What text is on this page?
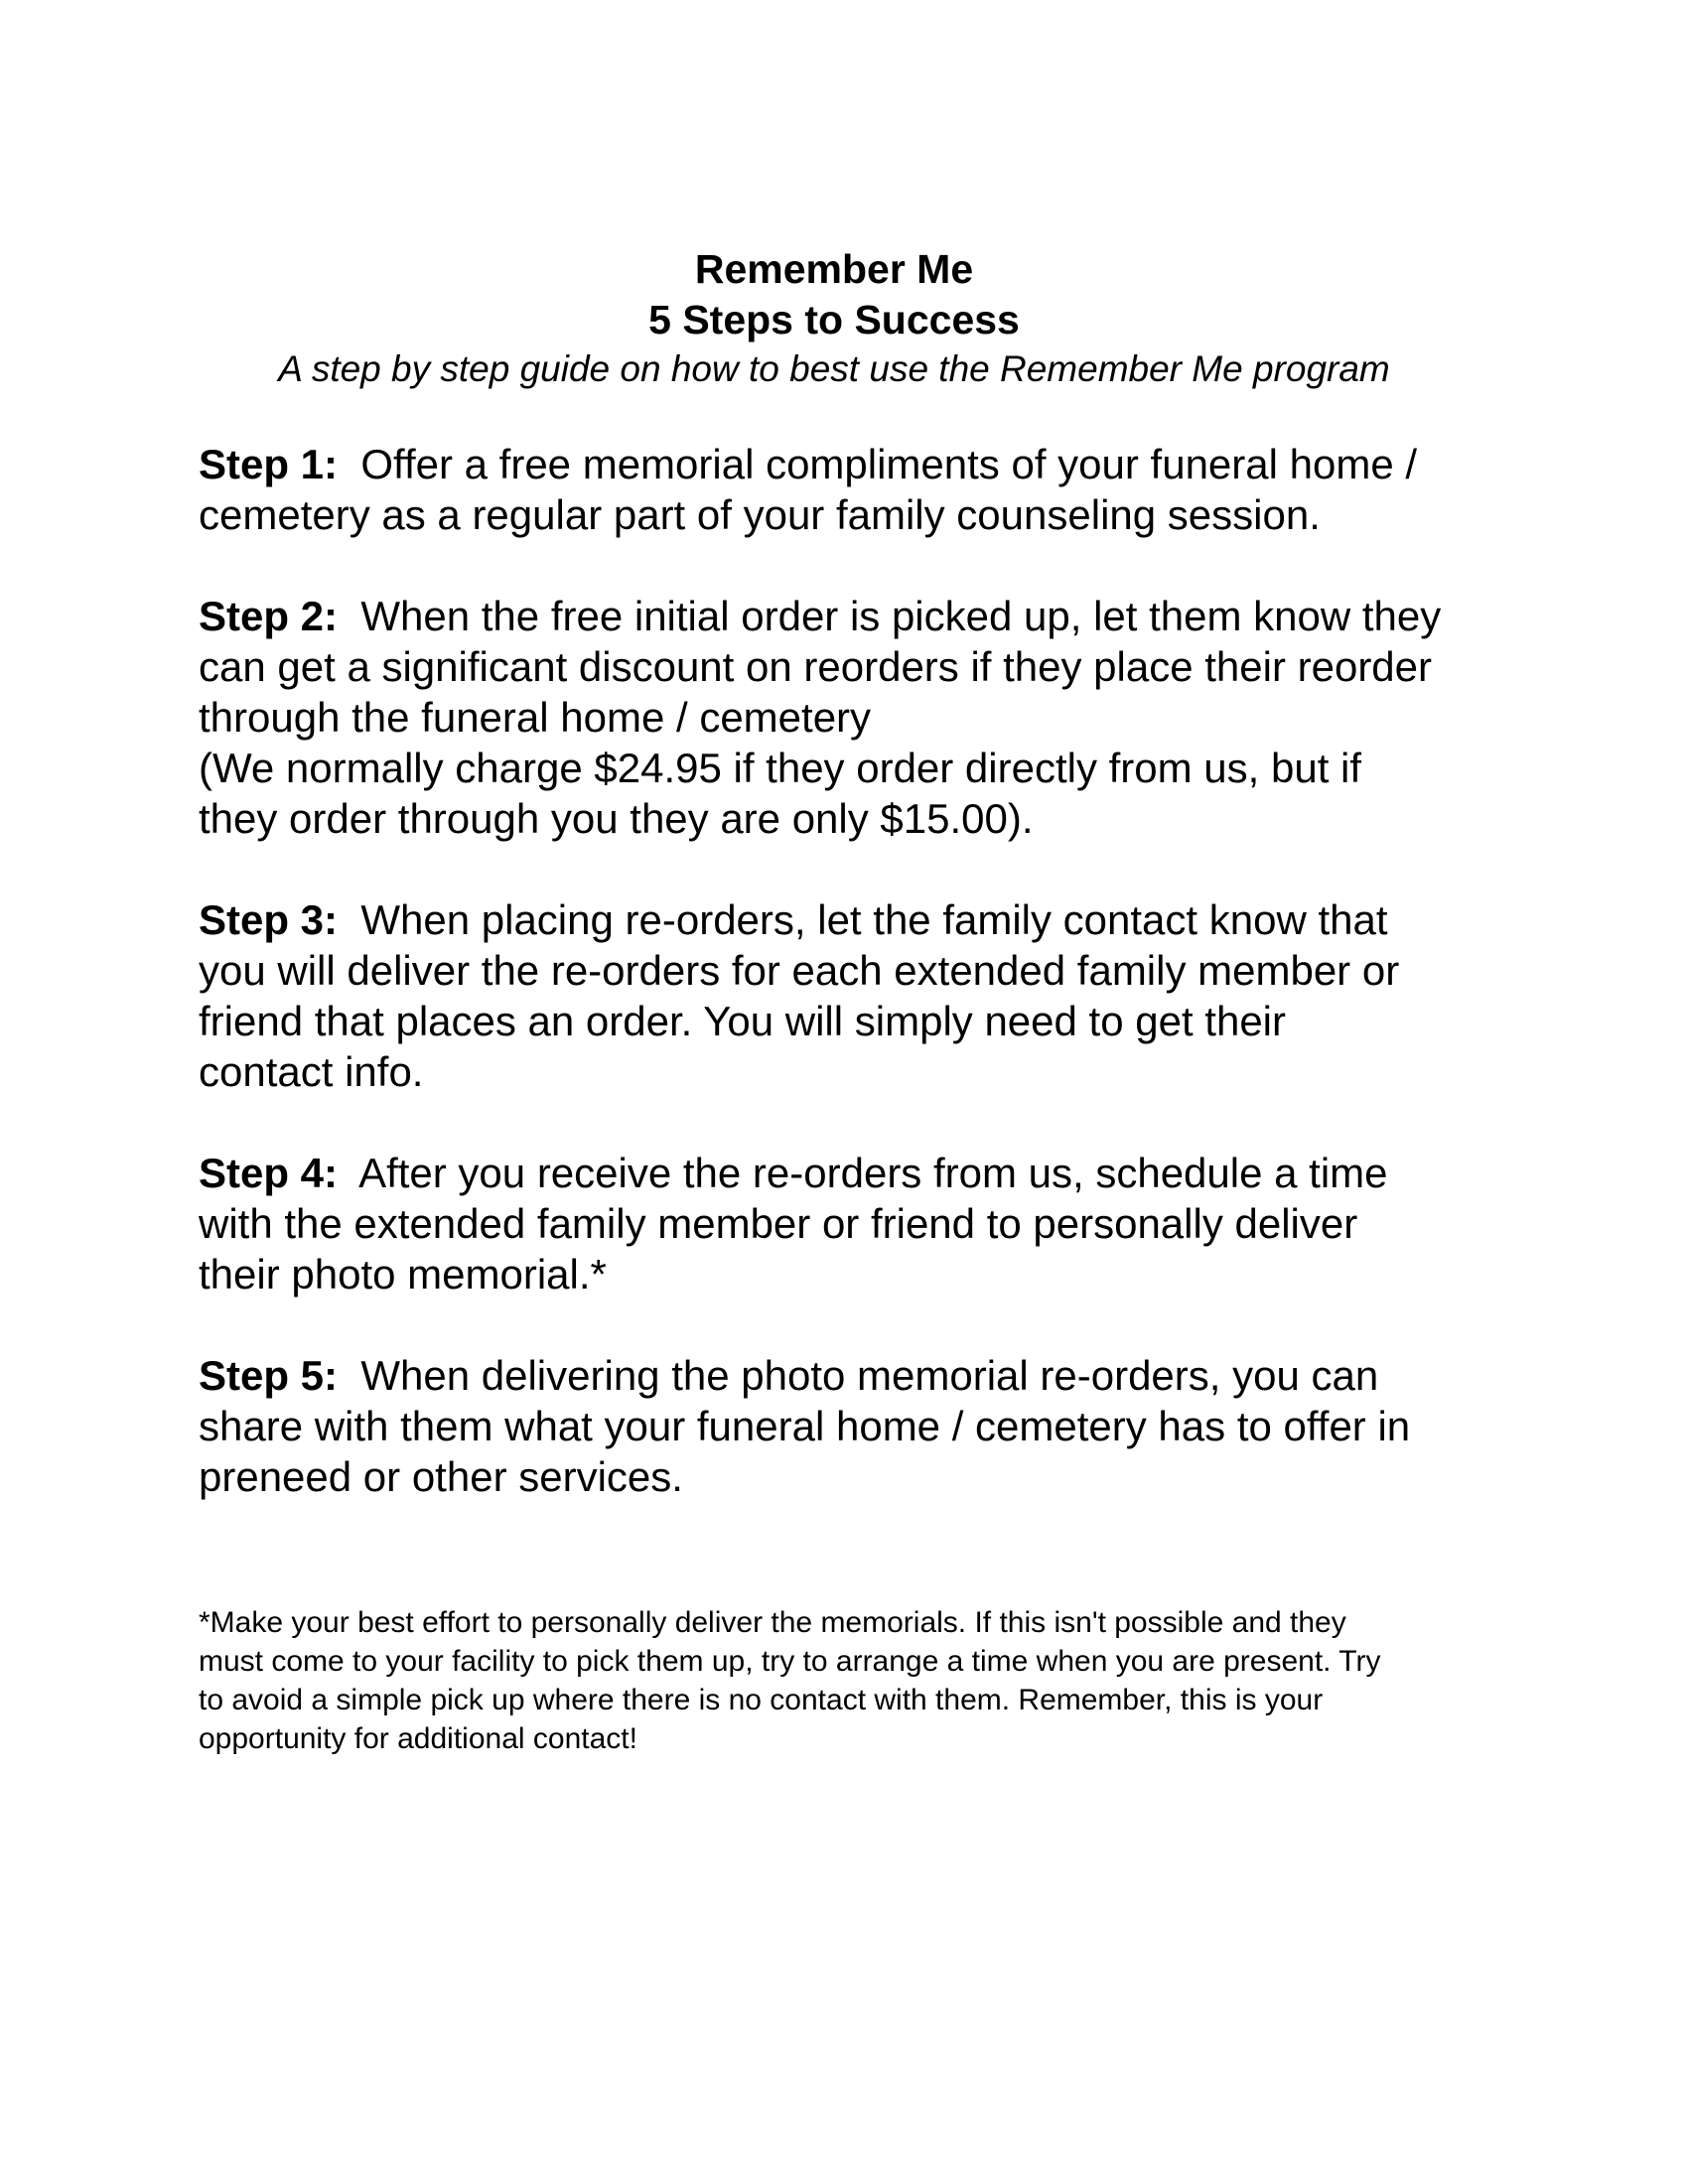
Remember Me

5 Steps to Success

A step by step guide on how to best use the Remember Me program

Step 1: Offer a free memorial compliments of your funeral home /
cemetery as a regular part of your family counseling session.

Step 2: When the free initial order is picked up, let them know they
can get a significant discount on reorders if they place their reorder
through the funeral home / cemetery
(We normally charge $24.95 if they order directly from us, but if
they order through you they are only $15.00).

Step 3: When placing re-orders, let the family contact know that
you will deliver the re-orders for each extended family member or
friend that places an order. You will simply need to get their
contact info.

Step 4: After you receive the re-orders from us, schedule a time
with the extended family member or friend to personally deliver
their photo memorial.*

Step 5: When delivering the photo memorial re-orders, you can
share with them what your funeral home / cemetery has to offer in
preneed or other services.

*Make your best effort to personally deliver the memorials. If this isn't possible and they
must come to your facility to pick them up, try to arrange a time when you are present. Try
to avoid a simple pick up where there is no contact with them. Remember, this is your
opportunity for additional contact!
